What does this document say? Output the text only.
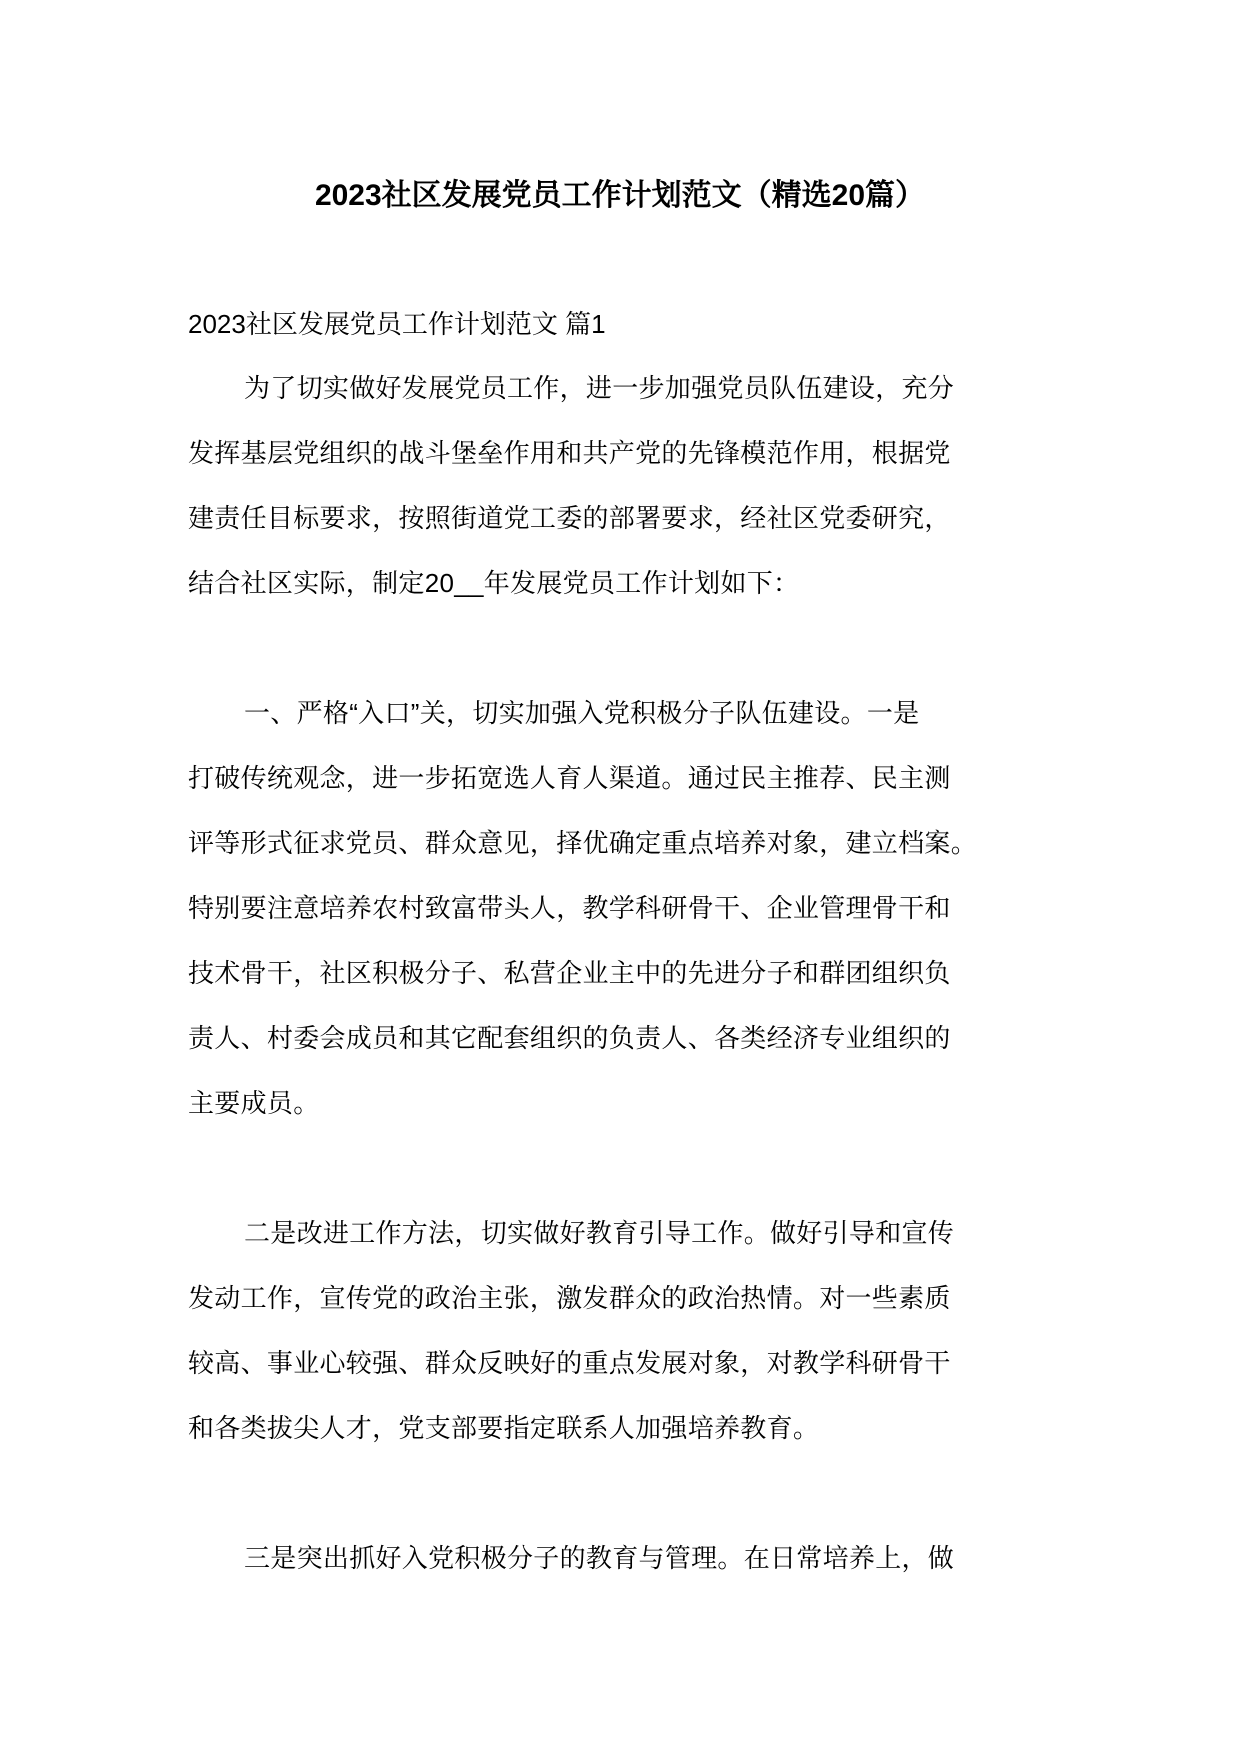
2023社区发展党员工作计划范文（精选20篇）
2023社区发展党员工作计划范文 篇1
为了切实做好发展党员工作，进一步加强党员队伍建设，充分
发挥基层党组织的战斗堡垒作用和共产党的先锋模范作用，根据党
建责任目标要求，按照街道党工委的部署要求，经社区党委研究，
结合社区实际，制定20__年发展党员工作计划如下：
一、严格“入口”关，切实加强入党积极分子队伍建设。一是
打破传统观念，进一步拓宽选人育人渠道。通过民主推荐、民主测
评等形式征求党员、群众意见，择优确定重点培养对象，建立档案。
特别要注意培养农村致富带头人，教学科研骨干、企业管理骨干和
技术骨干，社区积极分子、私营企业主中的先进分子和群团组织负
责人、村委会成员和其它配套组织的负责人、各类经济专业组织的
主要成员。
二是改进工作方法，切实做好教育引导工作。做好引导和宣传
发动工作，宣传党的政治主张，激发群众的政治热情。对一些素质
较高、事业心较强、群众反映好的重点发展对象，对教学科研骨干
和各类拔尖人才，党支部要指定联系人加强培养教育。
三是突出抓好入党积极分子的教育与管理。在日常培养上，做
